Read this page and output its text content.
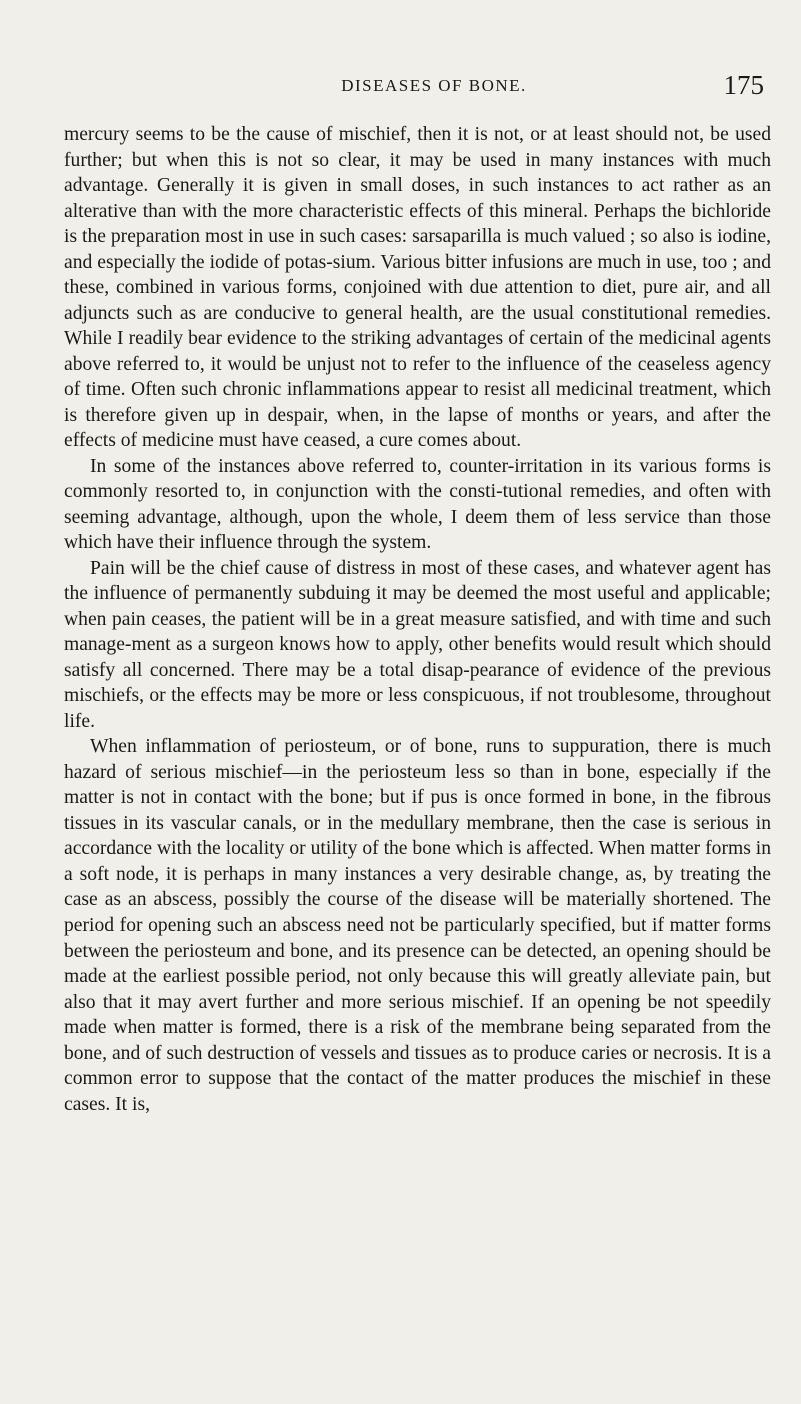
DISEASES OF BONE.	175

mercury seems to be the cause of mischief, then it is not, or at least should not, be used further; but when this is not so clear, it may be used in many instances with much advantage. Generally it is given in small doses, in such instances to act rather as an alterative than with the more characteristic effects of this mineral. Perhaps the bichloride is the preparation most in use in such cases: sarsaparilla is much valued ; so also is iodine, and especially the iodide of potas-sium. Various bitter infusions are much in use, too ; and these, combined in various forms, conjoined with due attention to diet, pure air, and all adjuncts such as are conducive to general health, are the usual constitutional remedies. While I readily bear evidence to the striking advantages of certain of the medicinal agents above referred to, it would be unjust not to refer to the influence of the ceaseless agency of time. Often such chronic inflammations appear to resist all medicinal treatment, which is therefore given up in despair, when, in the lapse of months or years, and after the effects of medicine must have ceased, a cure comes about.

In some of the instances above referred to, counter-irritation in its various forms is commonly resorted to, in conjunction with the consti-tutional remedies, and often with seeming advantage, although, upon the whole, I deem them of less service than those which have their influence through the system.

Pain will be the chief cause of distress in most of these cases, and whatever agent has the influence of permanently subduing it may be deemed the most useful and applicable; when pain ceases, the patient will be in a great measure satisfied, and with time and such manage-ment as a surgeon knows how to apply, other benefits would result which should satisfy all concerned. There may be a total disap-pearance of evidence of the previous mischiefs, or the effects may be more or less conspicuous, if not troublesome, throughout life.

When inflammation of periosteum, or of bone, runs to suppuration, there is much hazard of serious mischief—in the periosteum less so than in bone, especially if the matter is not in contact with the bone; but if pus is once formed in bone, in the fibrous tissues in its vascular canals, or in the medullary membrane, then the case is serious in accordance with the locality or utility of the bone which is affected. When matter forms in a soft node, it is perhaps in many instances a very desirable change, as, by treating the case as an abscess, possibly the course of the disease will be materially shortened. The period for opening such an abscess need not be particularly specified, but if matter forms between the periosteum and bone, and its presence can be detected, an opening should be made at the earliest possible period, not only because this will greatly alleviate pain, but also that it may avert further and more serious mischief. If an opening be not speedily made when matter is formed, there is a risk of the membrane being separated from the bone, and of such destruction of vessels and tissues as to produce caries or necrosis. It is a common error to suppose that the contact of the matter produces the mischief in these cases. It is,
